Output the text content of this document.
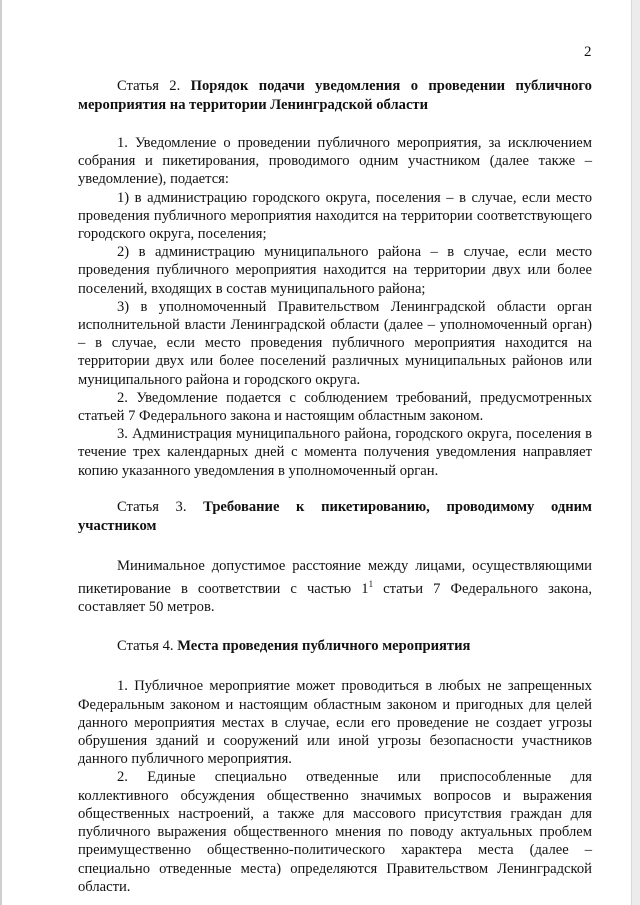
2

Статья 2. Порядок подачи уведомления о проведении публичного мероприятия на территории Ленинградской области

1. Уведомление о проведении публичного мероприятия, за исключением собрания и пикетирования, проводимого одним участником (далее также – уведомление), подается:

1) в администрацию городского округа, поселения – в случае, если место проведения публичного мероприятия находится на территории соответствующего городского округа, поселения;

2) в администрацию муниципального района – в случае, если место проведения публичного мероприятия находится на территории двух или более поселений, входящих в состав муниципального района;

3) в уполномоченный Правительством Ленинградской области орган исполнительной власти Ленинградской области (далее – уполномоченный орган) – в случае, если место проведения публичного мероприятия находится на территории двух или более поселений различных муниципальных районов или муниципального района и городского округа.

2. Уведомление подается с соблюдением требований, предусмотренных статьей 7 Федерального закона и настоящим областным законом.

3. Администрация муниципального района, городского округа, поселения в течение трех календарных дней с момента получения уведомления направляет копию указанного уведомления в уполномоченный орган.

Статья 3. Требование к пикетированию, проводимому одним участником

Минимальное допустимое расстояние между лицами, осуществляющими пикетирование в соответствии с частью $1^1$ статьи 7 Федерального закона, составляет 50 метров.

Статья 4. Места проведения публичного мероприятия

1. Публичное мероприятие может проводиться в любых не запрещенных Федеральным законом и настоящим областным законом и пригодных для целей данного мероприятия местах в случае, если его проведение не создает угрозы обрушения зданий и сооружений или иной угрозы безопасности участников данного публичного мероприятия.

2. Единые специально отведенные или приспособленные для коллективного обсуждения общественно значимых вопросов и выражения общественных настроений, а также для массового присутствия граждан для публичного выражения общественного мнения по поводу актуальных проблем преимущественно общественно-политического характера места (далее – специально отведенные места) определяются Правительством Ленинградской области.
